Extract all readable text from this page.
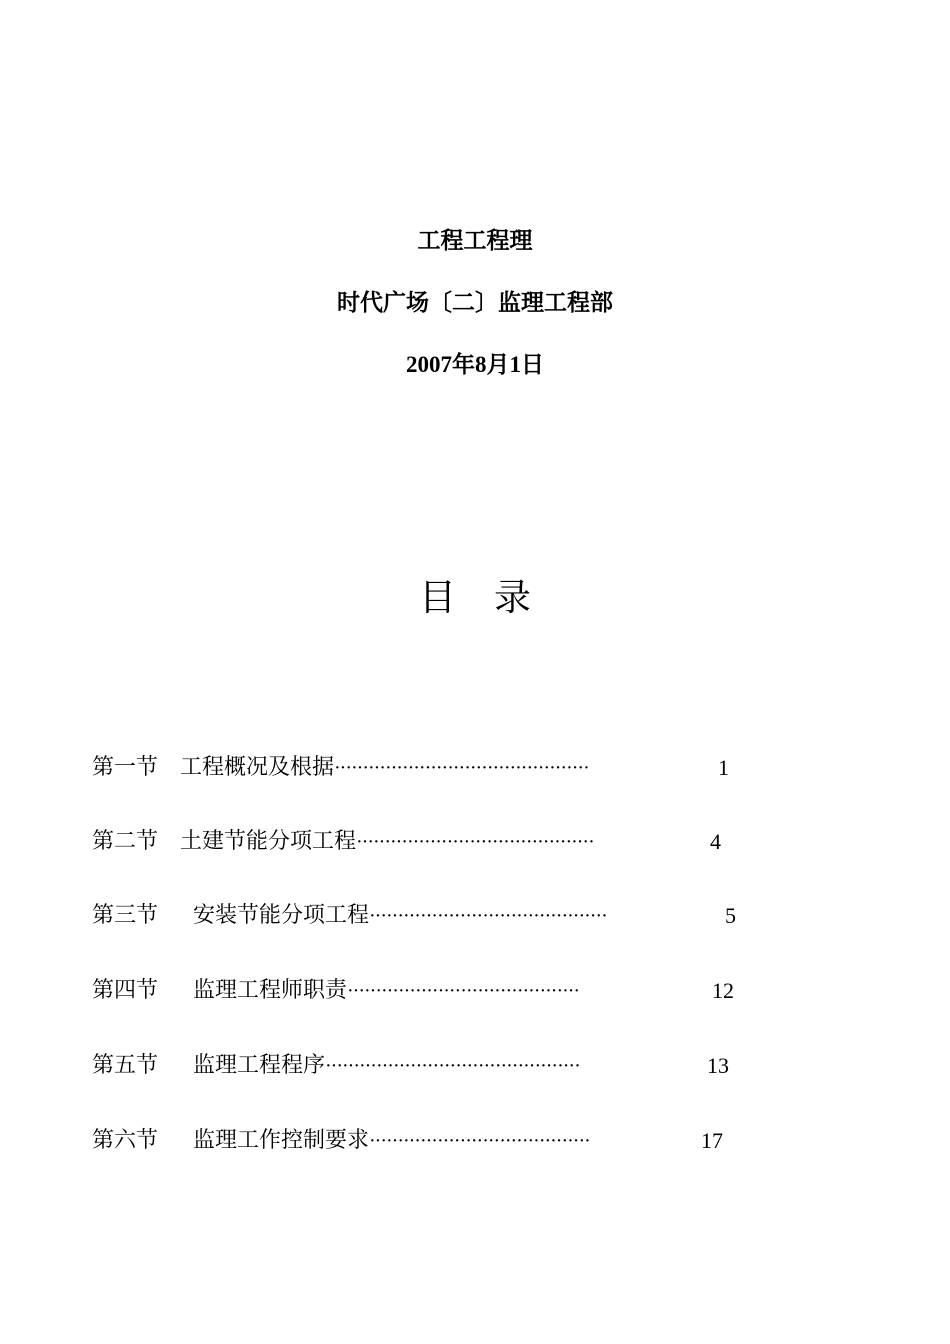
工程工程理
时代广场〔二〕监理工程部
2007年8月1日
目 录
第一节 工程概况及根据·············································	1
第二节 土建节能分项工程··········································	4
第三节 安装节能分项工程··········································	5
第四节 监理工程师职责·········································	12
第五节 监理工程程序·············································	13
第六节 监理工作控制要求·······································	17
